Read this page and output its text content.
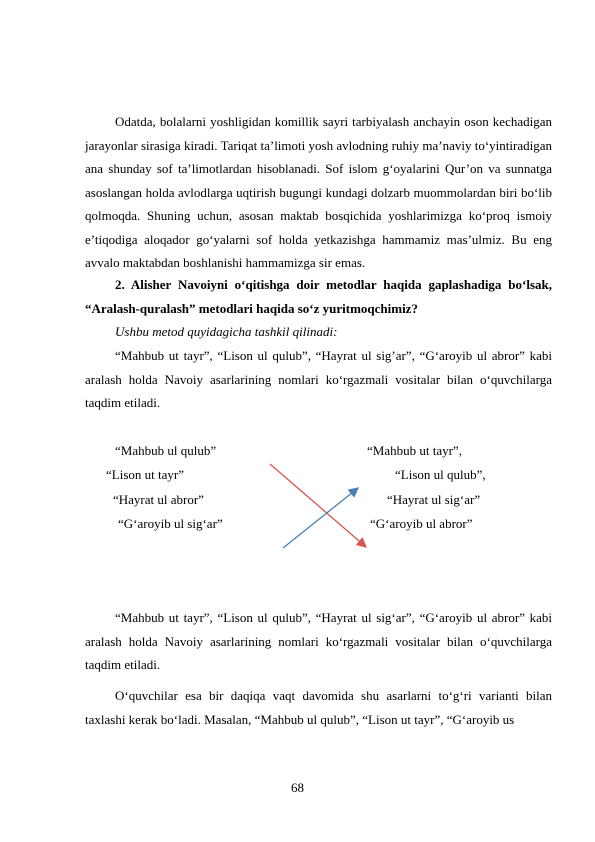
Odatda, bolalarni yoshligidan komillik sayri tarbiyalash anchayin oson kechadigan jarayonlar sirasiga kiradi. Tariqat ta’limoti yosh avlodning ruhiy ma’naviy to‘yintiradigan ana shunday sof ta’limotlardan hisoblanadi. Sof islom g‘oyalarini Qur’on va sunnatga asoslangan holda avlodlarga uqtirish bugungi kundagi dolzarb muommolardan biri bo‘lib qolmoqda. Shuning uchun, asosan maktab bosqichida yoshlarimizga ko‘proq ismoiy e’tiqodiga aloqador go‘yalarni sof holda yetkazishga hammamiz mas’ulmiz. Bu eng avvalo maktabdan boshlanishi hammamizga sir emas.

2. Alisher Navoiyni o‘qitishga doir metodlar haqida gaplashadiga bo‘lsak, “Aralash-quralash” metodlari haqida so‘z yuritmoqchimiz?

Ushbu metod quyidagicha tashkil qilinadi:

“Mahbub ut tayr”, “Lison ul qulub”, “Hayrat ul sig’ar”, “G‘aroyib ul abror” kabi aralash holda Navoiy asarlarining nomlari ko‘rgazmali vositalar bilan o‘quvchilarga taqdim etiladi.

“Mahbub ul qulub”
“Lison ut tayr”
“Hayrat ul abror”
“G‘aroyib ul sig‘ar”
“Mahbub ut tayr”,
“Lison ul qulub”,
“Hayrat ul sig‘ar”
“G‘aroyib ul abror”

“Mahbub ut tayr”, “Lison ul qulub”, “Hayrat ul sig‘ar”, “G‘aroyib ul abror” kabi aralash holda Navoiy asarlarining nomlari ko‘rgazmali vositalar bilan o‘quvchilarga taqdim etiladi.

O‘quvchilar esa bir daqiqa vaqt davomida shu asarlarni to‘g‘ri varianti bilan taxlashi kerak bo‘ladi. Masalan, “Mahbub ul qulub”, “Lison ut tayr”, “G‘aroyib us

68
